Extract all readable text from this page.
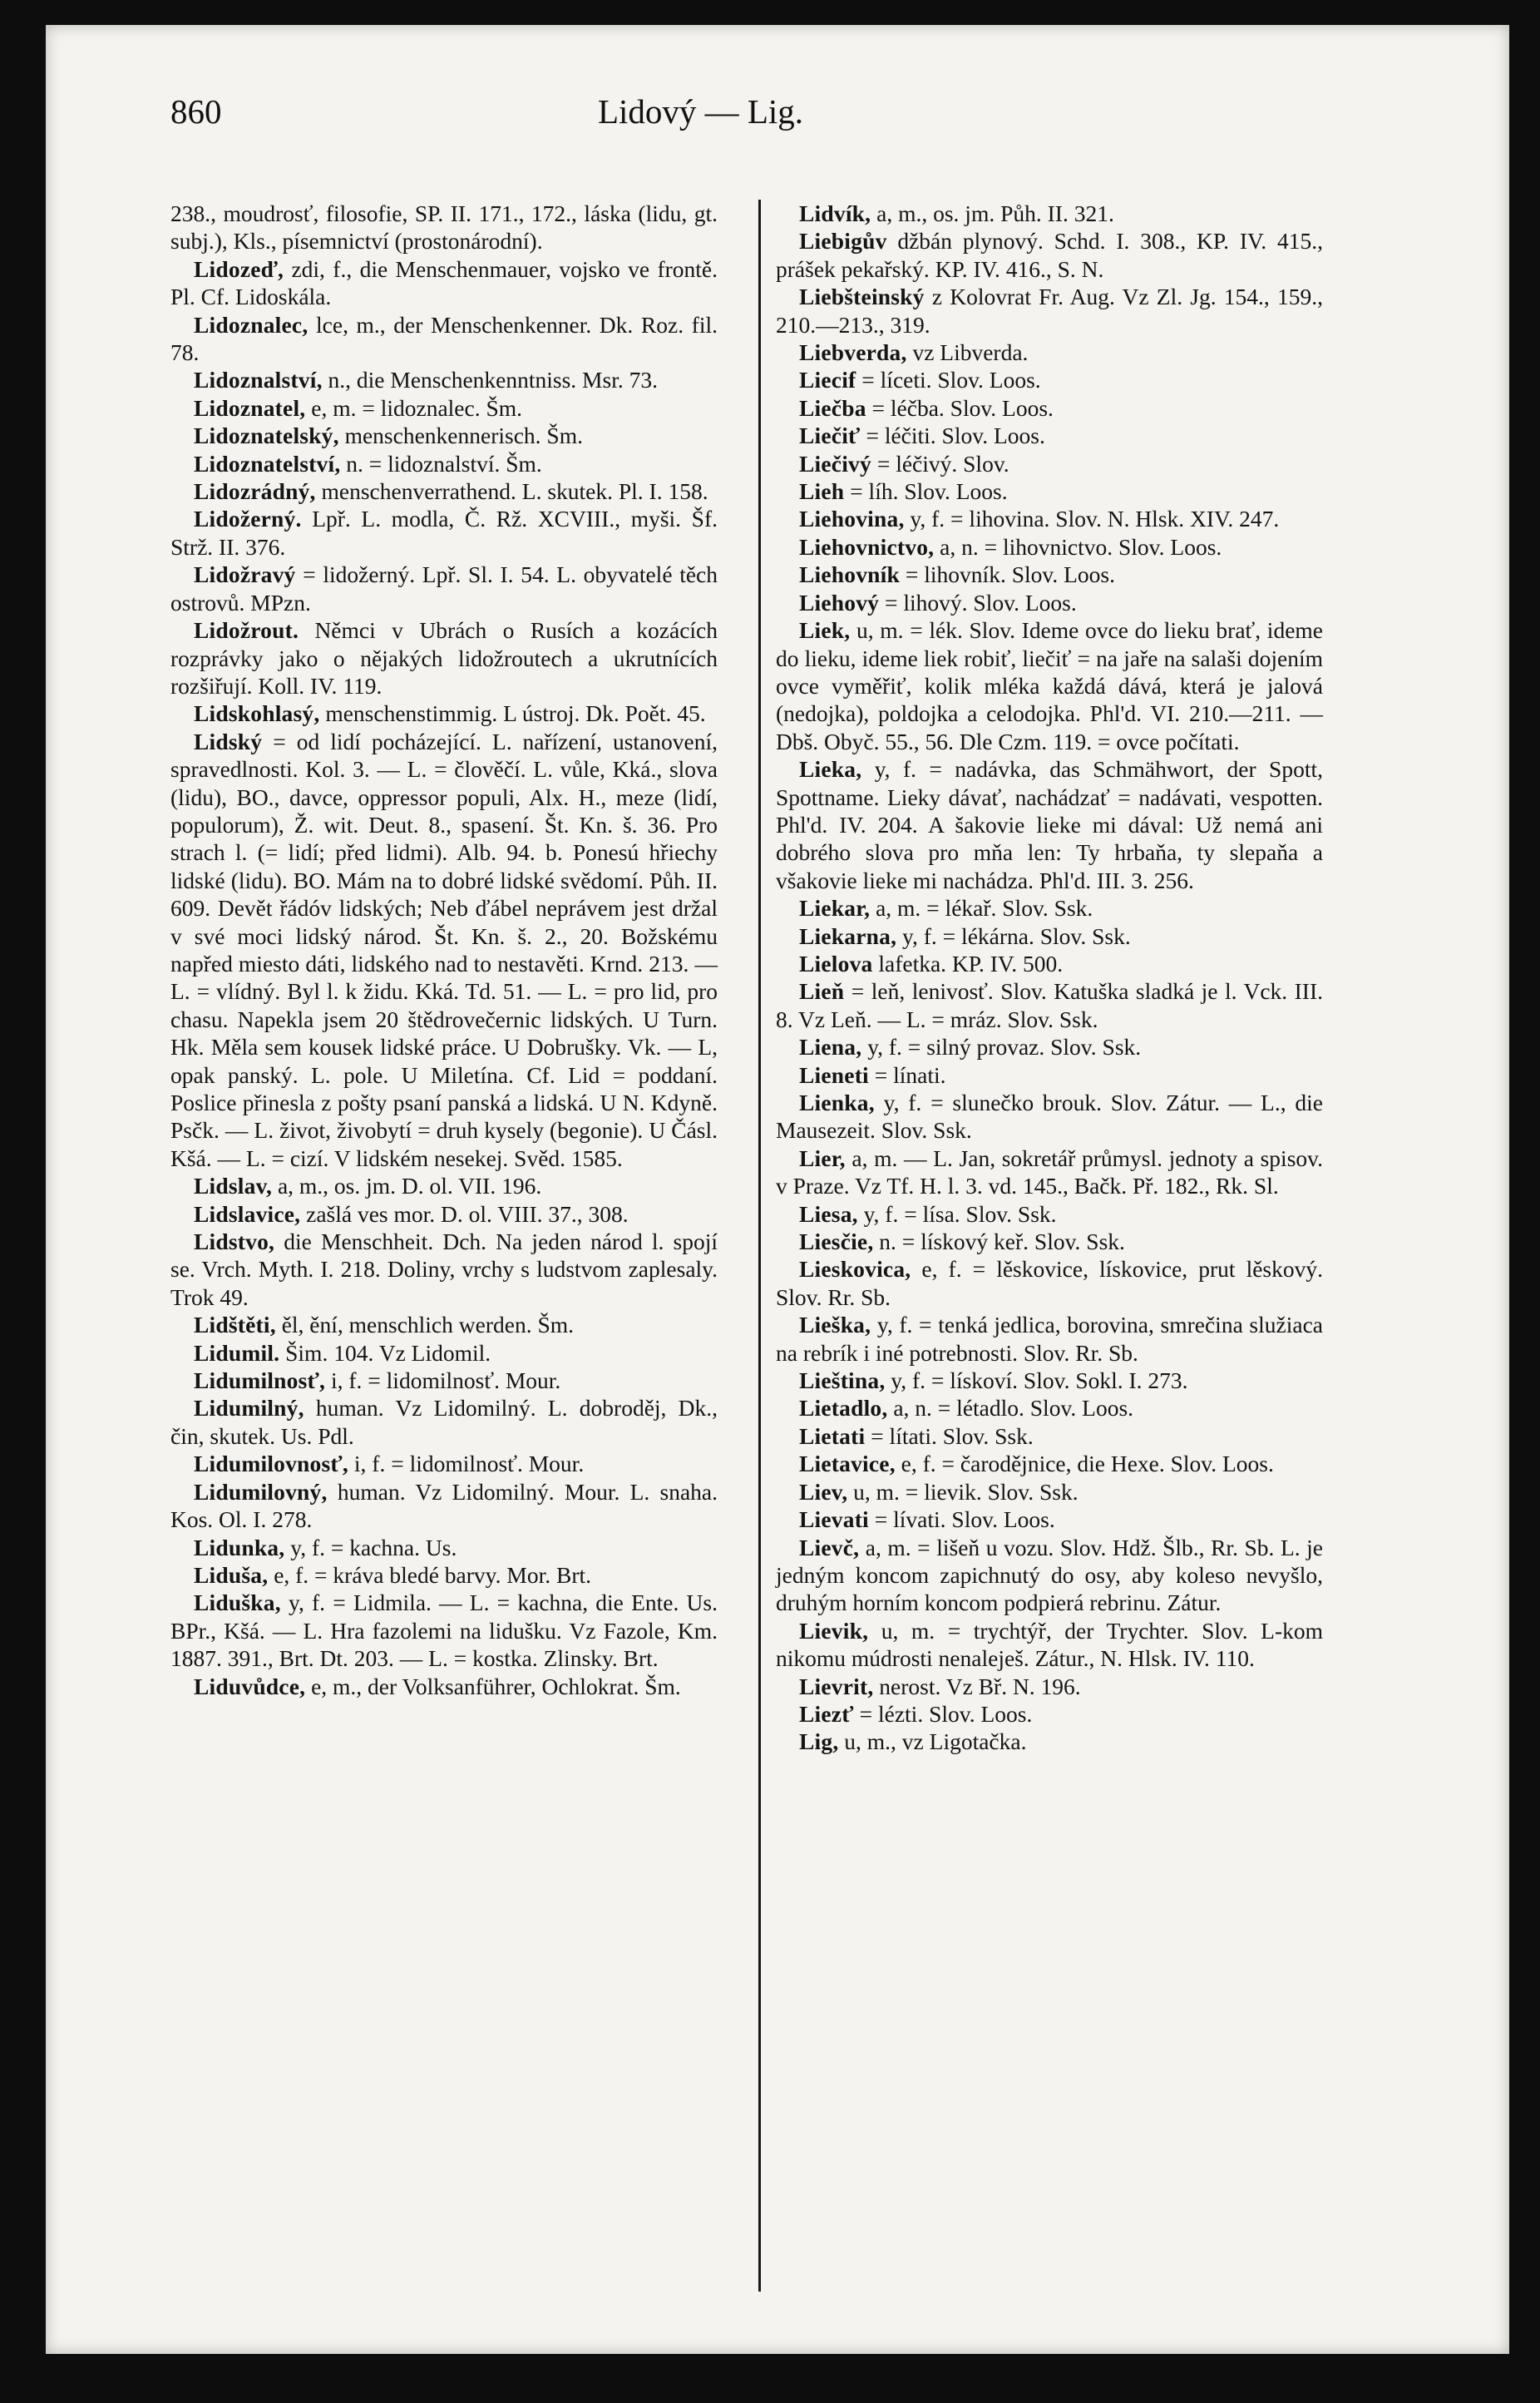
860	Lidový — Lig.

238., moudrosť, filosofie, SP. II. 171., 172., láska (lidu, gt. subj.), Kls., písemnictví (prostonárodní).

Lidozeď, zdi, f., die Menschenmauer, vojsko ve frontě. Pl. Cf. Lidoskála.

Lidoznalec, lce, m., der Menschenkenner. Dk. Roz. fil. 78.

Lidoznalství, n., die Menschenkenntniss. Msr. 73.

Lidoznatel, e, m. = lidoznalec. Šm.

Lidoznatelský, menschenkennerisch. Šm.

Lidoznatelství, n. = lidoznalství. Šm.

Lidozrádný, menschenverrathend. L. skutek. Pl. I. 158.

Lidožerný. Lpř. L. modla, Č. Rž. XCVIII., myši. Šf. Strž. II. 376.

Lidožravý = lidožerný. Lpř. Sl. I. 54. L. obyvatelé těch ostrovů. MPzn.

Lidožrout. Němci v Ubrách o Rusích a kozácích rozprávky jako o nějakých lidožroutech a ukrutnících rozšiřují. Koll. IV. 119.

Lidskohlasý, menschenstimmig. L ústroj. Dk. Poět. 45.

Lidský = od lidí pocházející. L. nařízení, ustanovení, spravedlnosti. Kol. 3. — L. = člověčí. L. vůle, Kká., slova (lidu), BO., davce, oppressor populi, Alx. H., meze (lidí, populorum), Ž. wit. Deut. 8., spasení. Št. Kn. š. 36. Pro strach l. (= lidí; před lidmi). Alb. 94. b. Ponesú hřiechy lidské (lidu). BO. Mám na to dobré lidské svědomí. Půh. II. 609. Devět řádóv lidských; Neb ďábel neprávem jest držal v své moci lidský národ. Št. Kn. š. 2., 20. Božskému napřed miesto dáti, lidského nad to nestavěti. Krnd. 213. — L. = vlídný. Byl l. k židu. Kká. Td. 51. — L. = pro lid, pro chasu. Napekla jsem 20 štědrovečernic lidských. U Turn. Hk. Měla sem kousek lidské práce. U Dobrušky. Vk. — L, opak panský. L. pole. U Miletína. Cf. Lid = poddaní. Poslice přinesla z pošty psaní panská a lidská. U N. Kdyně. Psčk. — L. život, živobytí = druh kysely (begonie). U Čásl. Kšá. — L. = cizí. V lidském nesekej. Svěd. 1585.

Lidslav, a, m., os. jm. D. ol. VII. 196.

Lidslavice, zašlá ves mor. D. ol. VIII. 37., 308.

Lidstvo, die Menschheit. Dch. Na jeden národ l. spojí se. Vrch. Myth. I. 218. Doliny, vrchy s ludstvom zaplesaly. Trok 49.

Lidštěti, ěl, ění, menschlich werden. Šm.

Lidumil. Šim. 104. Vz Lidomil.

Lidumilnosť, i, f. = lidomilnosť. Mour.

Lidumilný, human. Vz Lidomilný. L. dobroděj, Dk., čin, skutek. Us. Pdl.

Lidumilovnosť, i, f. = lidomilnosť. Mour.

Lidumilovný, human. Vz Lidomilný. Mour. L. snaha. Kos. Ol. I. 278.

Lidunka, y, f. = kachna. Us.

Liduša, e, f. = kráva bledé barvy. Mor. Brt.

Liduška, y, f. = Lidmila. — L. = kachna, die Ente. Us. BPr., Kšá. — L. Hra fazolemi na lidušku. Vz Fazole, Km. 1887. 391., Brt. Dt. 203. — L. = kostka. Zlinsky. Brt.

Liduvůdce, e, m., der Volksanführer, Ochlokrat. Šm.

Lidvík, a, m., os. jm. Půh. II. 321.

Liebigův džbán plynový. Schd. I. 308., KP. IV. 415., prášek pekařský. KP. IV. 416., S. N.

Liebšteinský z Kolovrat Fr. Aug. Vz Zl. Jg. 154., 159., 210.—213., 319.

Liebverda, vz Libverda.

Liecif = líceti. Slov. Loos.

Liečba = léčba. Slov. Loos.

Liečiť = léčiti. Slov. Loos.

Liečivý = léčivý. Slov.

Lieh = líh. Slov. Loos.

Liehovina, y, f. = lihovina. Slov. N. Hlsk. XIV. 247.

Liehovnictvo, a, n. = lihovnictvo. Slov. Loos.

Liehovník = lihovník. Slov. Loos.

Liehový = lihový. Slov. Loos.

Liek, u, m. = lék. Slov. Ideme ovce do lieku brať, ideme do lieku, ideme liek robiť, liečiť = na jaře na salaši dojením ovce vyměřiť, kolik mléka každá dává, která je jalová (nedojka), poldojka a celodojka. Phl'd. VI. 210.—211. — Dbš. Obyč. 55., 56. Dle Czm. 119. = ovce počítati.

Lieka, y, f. = nadávka, das Schmähwort, der Spott, Spottname. Lieky dávať, nachádzať = nadávati, vespotten. Phl'd. IV. 204. A šakovie lieke mi dával: Už nemá ani dobrého slova pro mňa len: Ty hrbaňa, ty slepaňa a všakovie lieke mi nachádza. Phl'd. III. 3. 256.

Liekar, a, m. = lékař. Slov. Ssk.

Liekarna, y, f. = lékárna. Slov. Ssk.

Lielova lafetka. KP. IV. 500.

Lieň = leň, lenivosť. Slov. Katuška sladká je l. Vck. III. 8. Vz Leň. — L. = mráz. Slov. Ssk.

Liena, y, f. = silný provaz. Slov. Ssk.

Lieneti = línati.

Lienka, y, f. = slunečko brouk. Slov. Zátur. — L., die Mausezeit. Slov. Ssk.

Lier, a, m. — L. Jan, sokretář průmysl. jednoty a spisov. v Praze. Vz Tf. H. l. 3. vd. 145., Bačk. Př. 182., Rk. Sl.

Liesa, y, f. = lísa. Slov. Ssk.

Liesčie, n. = lískový keř. Slov. Ssk.

Lieskovica, e, f. = lěskovice, lískovice, prut lěskový. Slov. Rr. Sb.

Lieška, y, f. = tenká jedlica, borovina, smrečina služiaca na rebrík i iné potrebnosti. Slov. Rr. Sb.

Lieština, y, f. = lískoví. Slov. Sokl. I. 273.

Lietadlo, a, n. = létadlo. Slov. Loos.

Lietati = lítati. Slov. Ssk.

Lietavice, e, f. = čarodějnice, die Hexe. Slov. Loos.

Liev, u, m. = lievik. Slov. Ssk.

Lievati = lívati. Slov. Loos.

Lievč, a, m. = lišeň u vozu. Slov. Hdž. Šlb., Rr. Sb. L. je jedným koncom zapichnutý do osy, aby koleso nevyšlo, druhým horním koncom podpierá rebrinu. Zátur.

Lievik, u, m. = trychtýř, der Trychter. Slov. L-kom nikomu múdrosti nenaleješ. Zátur., N. Hlsk. IV. 110.

Lievrit, nerost. Vz Bř. N. 196.

Liezť = lézti. Slov. Loos.

Lig, u, m., vz Ligotačka.
